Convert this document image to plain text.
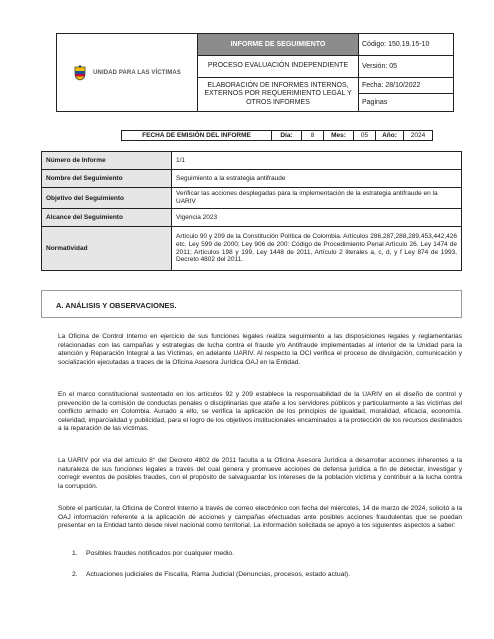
UNIDAD PARA LAS VÍCTIMAS	INFORME DE SEGUIMIENTO	Código: 150.19.15-10
	PROCESO EVALUACIÓN INDEPENDIENTE	Versión: 05
	ELABORACIÓN DE INFORMES INTERNOS, EXTERNOS POR REQUERIMIENTO LEGAL Y OTROS INFORMES	Fecha: 28/10/2022
		Paginas
FECHA DE EMISIÓN DEL INFORME	Día:	8	Mes:	05	Año:	2024
Número de Informe	1/1
Nombre del Seguimiento	Seguimiento a la estrategia antifraude
Objetivo del Seguimiento	Verificar las acciones desplegadas para la implementación de la estrategia antifraude en la UARIV
Alcance del Seguimiento	Vigencia 2023
Normatividad	Artículo 90 y 209 de la Constitución Política de Colombia. Artículos 286,287,288,289,453,442,426 etc. Ley 599 de 2000; Ley 906 de 200: Código de Procedimiento Penal Artículo 26. Ley 1474 de 2011; Artículos 198 y 199, Ley 1448 de 2011, Artículo 2 literales a, c, d, y f Ley 874 de 1993, Decreto 4802 del 2011.
A. ANÁLISIS Y OBSERVACIONES.

La Oficina de Control Interno en ejercicio de sus funciones legales realiza seguimiento a las disposiciones legales y reglamentarias relacionadas con las campañas y estrategias de lucha contra el fraude y/o Antifraude implementadas al interior de la Unidad para la atención y Reparación Integral a las Víctimas, en adelante UARIV. Al respecto la OCI verifica el proceso de divulgación, comunicación y socialización ejecutadas a traces de la Oficina Asesora Jurídica OAJ en la Entidad.

En el marco constitucional sustentado en los artículos 92 y 209 establece la responsabilidad de la UARIV en el diseño de control y prevención de la comisión de conductas penales o disciplinarias que atañe a los servidores públicos y particularmente a las víctimas del conflicto armado en Colombia. Aunado a ello, se verifica la aplicación de los principios de igualdad, moralidad, eficacia, economía. celeridad, imparcialidad y publicidad, para el logro de los objetivos institucionales encaminados a la protección de los recursos destinados a la reparación de las víctimas.

La UARIV por vía del artículo 8° del Decreto 4802 de 2011 faculta a la Oficina Asesora Jurídica a desarrollar acciones inherentes a la naturaleza de sus funciones legales a través del cual genera y promueve acciones de defensa jurídica a fin de detectar, investigar y corregir eventos de posibles fraudes, con el propósito de salvaguardar los intereses de la población víctima y contribuir a la lucha contra la corrupción.

Sobre el particular, la Oficina de Control Interno a través de correo electrónico con fecha del miércoles, 14 de marzo de 2024, solicitó a la OAJ información referente a la aplicación de acciones y campañas efectuadas ante posibles acciones fraudulentas que se puedan presentar en la Entidad tanto desde nivel nacional como territorial. La información solicitada se apoyó a los siguientes aspectos a saber:

1. Posibles fraudes notificados por cualquier medio.
2. Actuaciones judiciales de Fiscalía, Rama Judicial (Denuncias, procesos, estado actual).
